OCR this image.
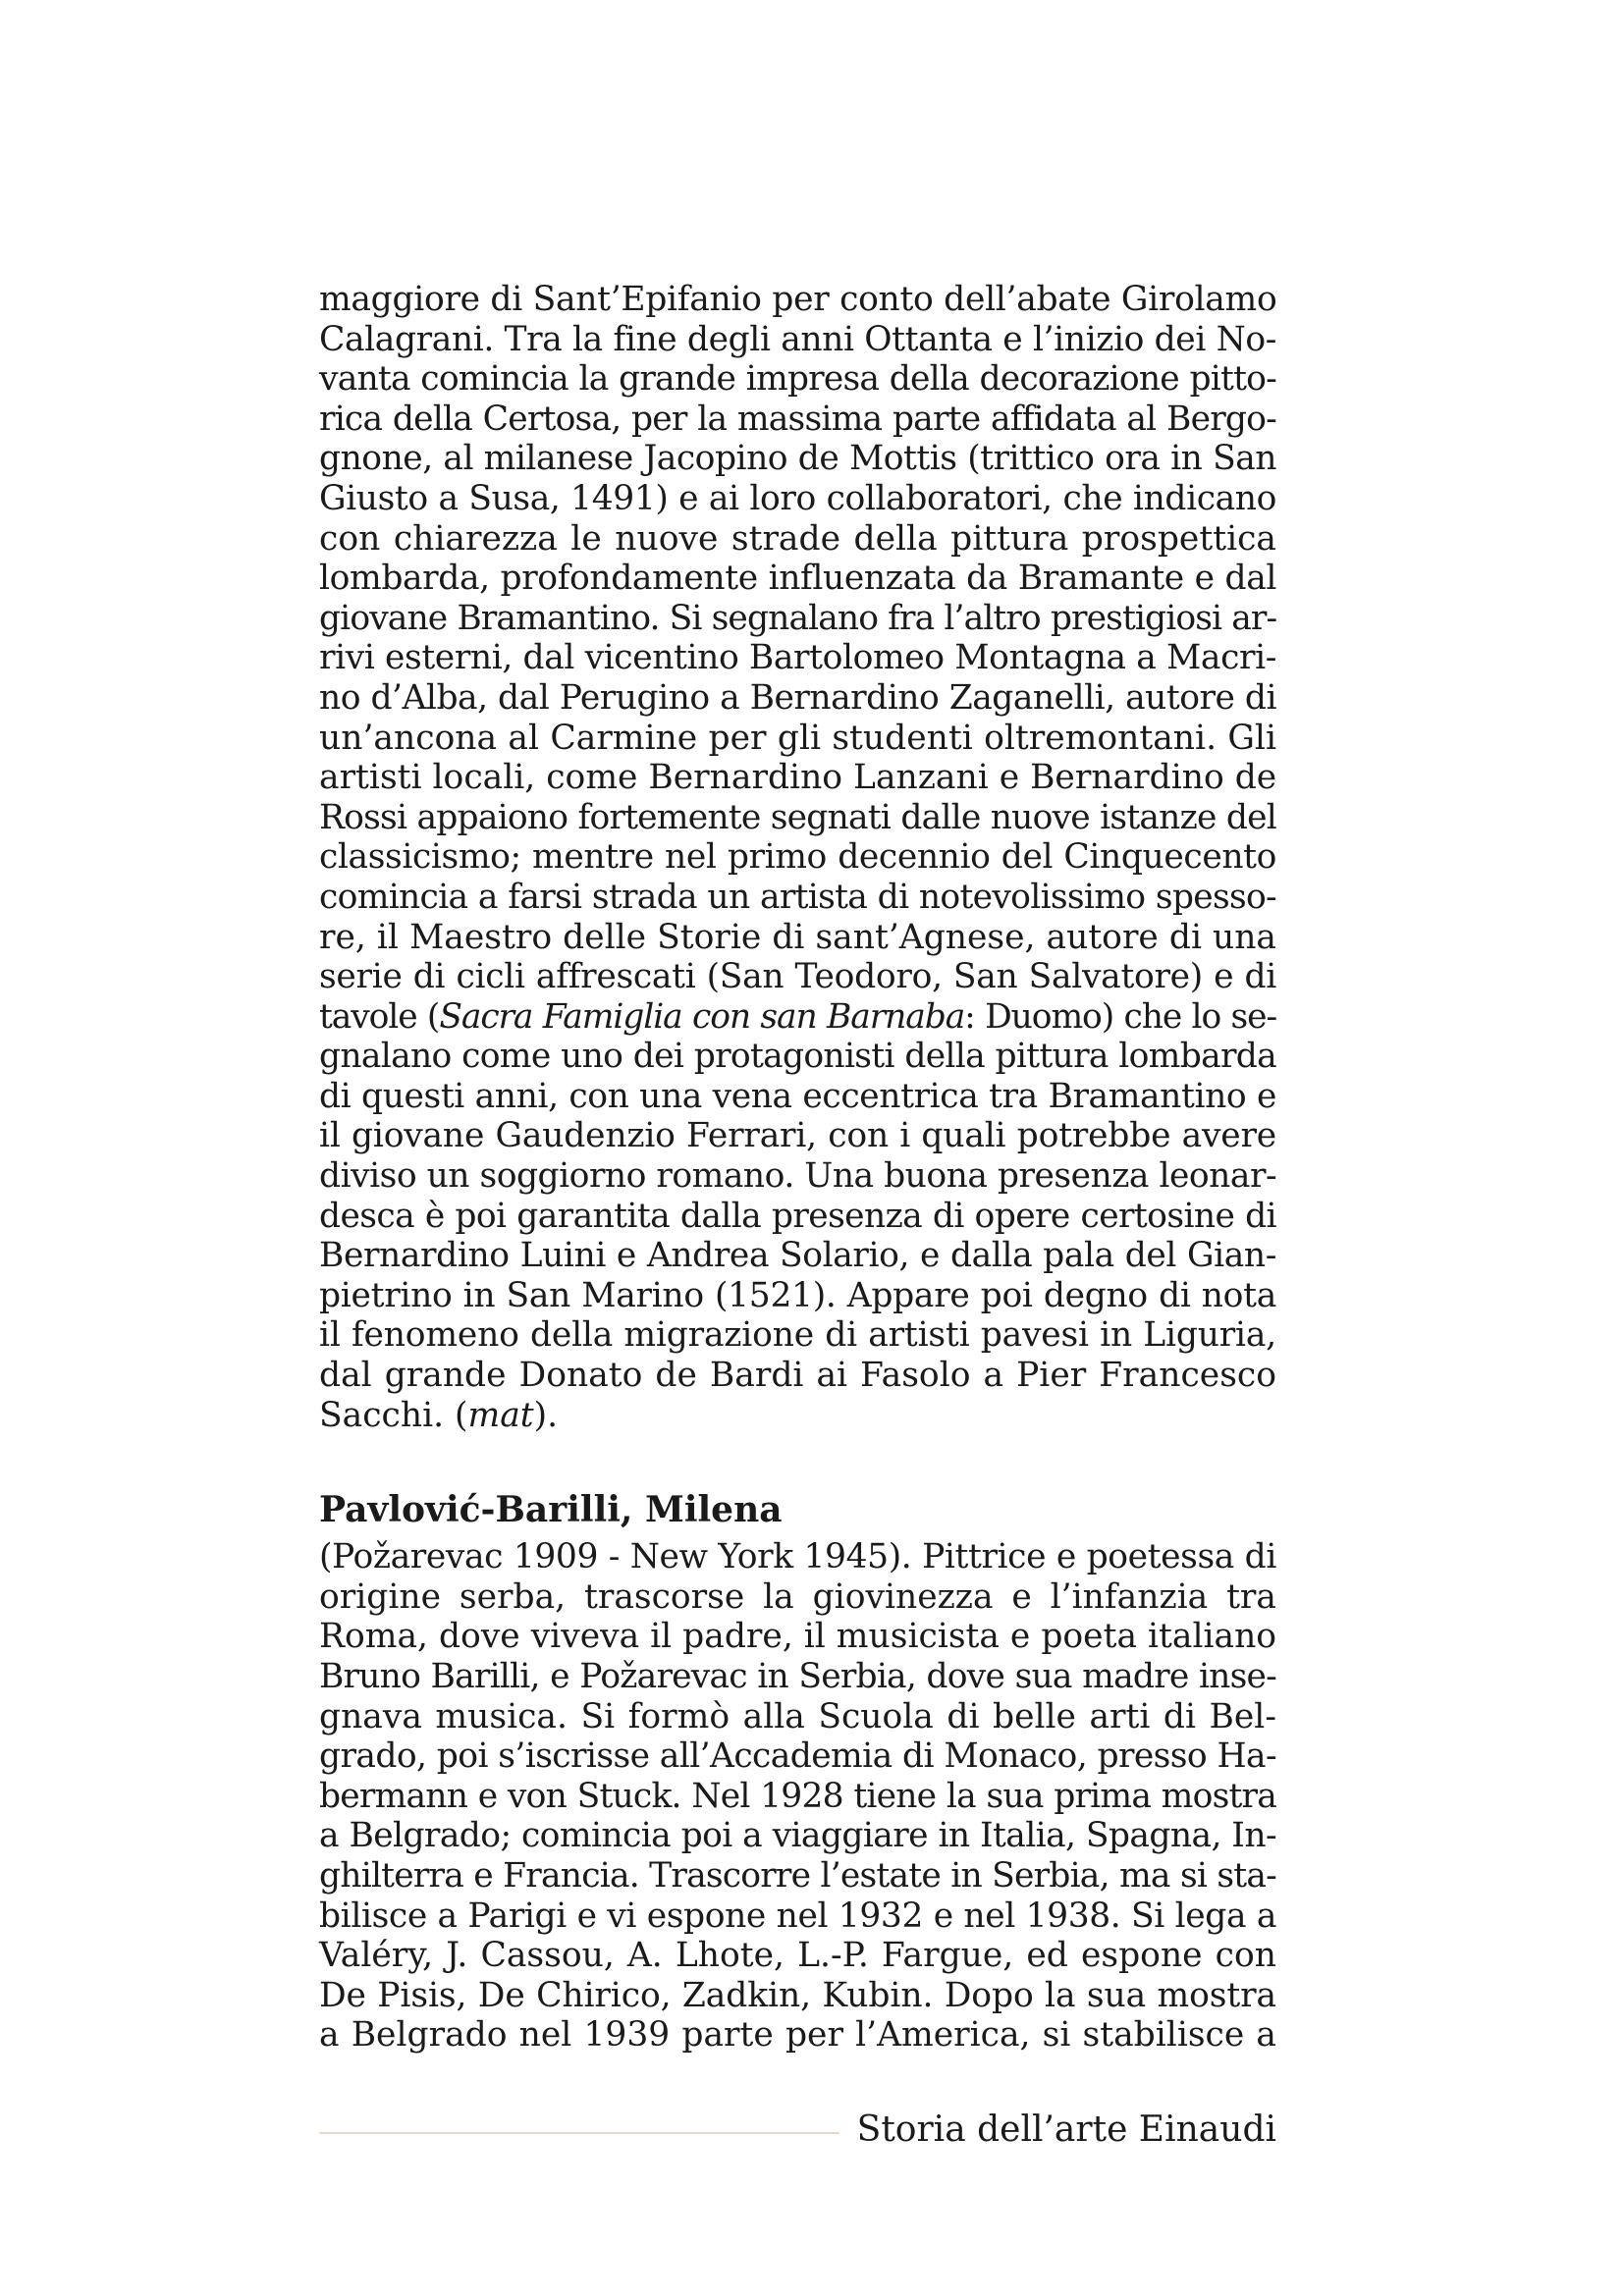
maggiore di Sant’Epifanio per conto dell’abate Girolamo
Calagrani. Tra la fine degli anni Ottanta e l’inizio dei No-
vanta comincia la grande impresa della decorazione pitto-
rica della Certosa, per la massima parte affidata al Bergo-
gnone, al milanese Jacopino de Mottis (trittico ora in San
Giusto a Susa, 1491) e ai loro collaboratori, che indicano
con chiarezza le nuove strade della pittura prospettica
lombarda, profondamente influenzata da Bramante e dal
giovane Bramantino. Si segnalano fra l’altro prestigiosi ar-
rivi esterni, dal vicentino Bartolomeo Montagna a Macri-
no d’Alba, dal Perugino a Bernardino Zaganelli, autore di
un’ancona al Carmine per gli studenti oltremontani. Gli
artisti locali, come Bernardino Lanzani e Bernardino de
Rossi appaiono fortemente segnati dalle nuove istanze del
classicismo; mentre nel primo decennio del Cinquecento
comincia a farsi strada un artista di notevolissimo spesso-
re, il Maestro delle Storie di sant’Agnese, autore di una
serie di cicli affrescati (San Teodoro, San Salvatore) e di
tavole (Sacra Famiglia con san Barnaba: Duomo) che lo se-
gnalano come uno dei protagonisti della pittura lombarda
di questi anni, con una vena eccentrica tra Bramantino e
il giovane Gaudenzio Ferrari, con i quali potrebbe avere
diviso un soggiorno romano. Una buona presenza leonar-
desca è poi garantita dalla presenza di opere certosine di
Bernardino Luini e Andrea Solario, e dalla pala del Gian-
pietrino in San Marino (1521). Appare poi degno di nota
il fenomeno della migrazione di artisti pavesi in Liguria,
dal grande Donato de Bardi ai Fasolo a Pier Francesco
Sacchi. (mat).
Pavlović-Barilli, Milena
(Požarevac 1909 - New York 1945). Pittrice e poetessa di
origine serba, trascorse la giovinezza e l’infanzia tra
Roma, dove viveva il padre, il musicista e poeta italiano
Bruno Barilli, e Požarevac in Serbia, dove sua madre inse-
gnava musica. Si formò alla Scuola di belle arti di Bel-
grado, poi s’iscrisse all’Accademia di Monaco, presso Ha-
bermann e von Stuck. Nel 1928 tiene la sua prima mostra
a Belgrado; comincia poi a viaggiare in Italia, Spagna, In-
ghilterra e Francia. Trascorre l’estate in Serbia, ma si sta-
bilisce a Parigi e vi espone nel 1932 e nel 1938. Si lega a
Valéry, J. Cassou, A. Lhote, L.-P. Fargue, ed espone con
De Pisis, De Chirico, Zadkin, Kubin. Dopo la sua mostra
a Belgrado nel 1939 parte per l’America, si stabilisce a
Storia dell’arte Einaudi
